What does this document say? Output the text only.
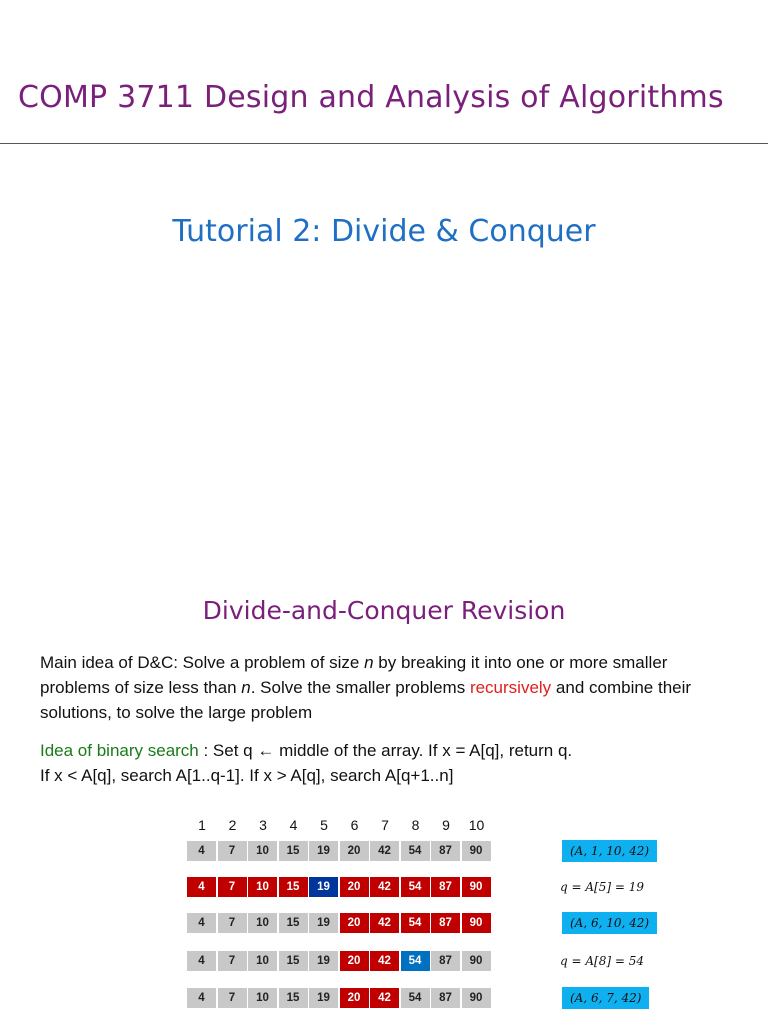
COMP 3711 Design and Analysis of Algorithms
Tutorial 2: Divide & Conquer
Divide-and-Conquer Revision
Main idea of D&C: Solve a problem of size n by breaking it into one or more smaller problems of size less than n. Solve the smaller problems recursively and combine their solutions, to solve the large problem
Idea of binary search : Set q ← middle of the array. If x = A[q], return q.
If x < A[q], search A[1..q-1]. If x > A[q], search A[q+1..n]
1	2	3	4	5	6	7	8	9	10
4	7	10	15	19	20	42	54	87	90	(A, 1, 10, 42)
4	7	10	15	19	20	42	54	87	90	q = A[5] = 19
4	7	10	15	19	20	42	54	87	90	(A, 6, 10, 42)
4	7	10	15	19	20	42	54	87	90	q = A[8] = 54
4	7	10	15	19	20	42	54	87	90	(A, 6, 7, 42)
